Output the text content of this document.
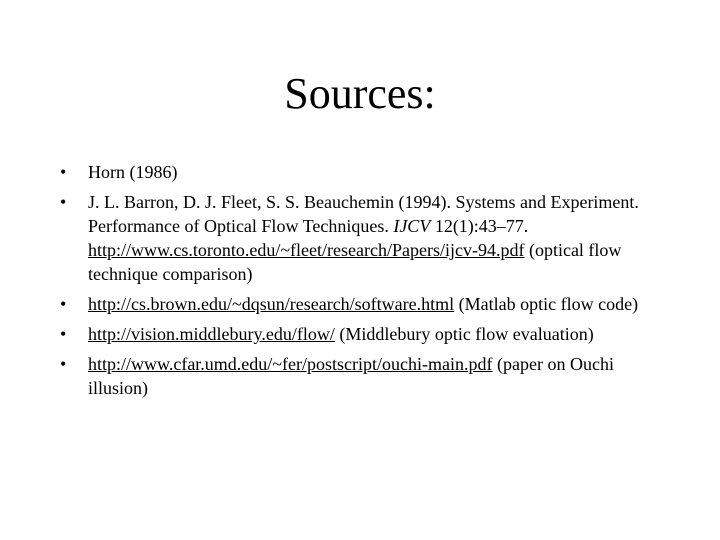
Sources:
• Horn (1986)
• J. L. Barron, D. J. Fleet, S. S. Beauchemin (1994). Systems and Experiment. Performance of Optical Flow Techniques. IJCV 12(1):43–77. http://www.cs.toronto.edu/~fleet/research/Papers/ijcv-94.pdf (optical flow technique comparison)
• http://cs.brown.edu/~dqsun/research/software.html (Matlab optic flow code)
• http://vision.middlebury.edu/flow/ (Middlebury optic flow evaluation)
• http://www.cfar.umd.edu/~fer/postscript/ouchi-main.pdf (paper on Ouchi illusion)
